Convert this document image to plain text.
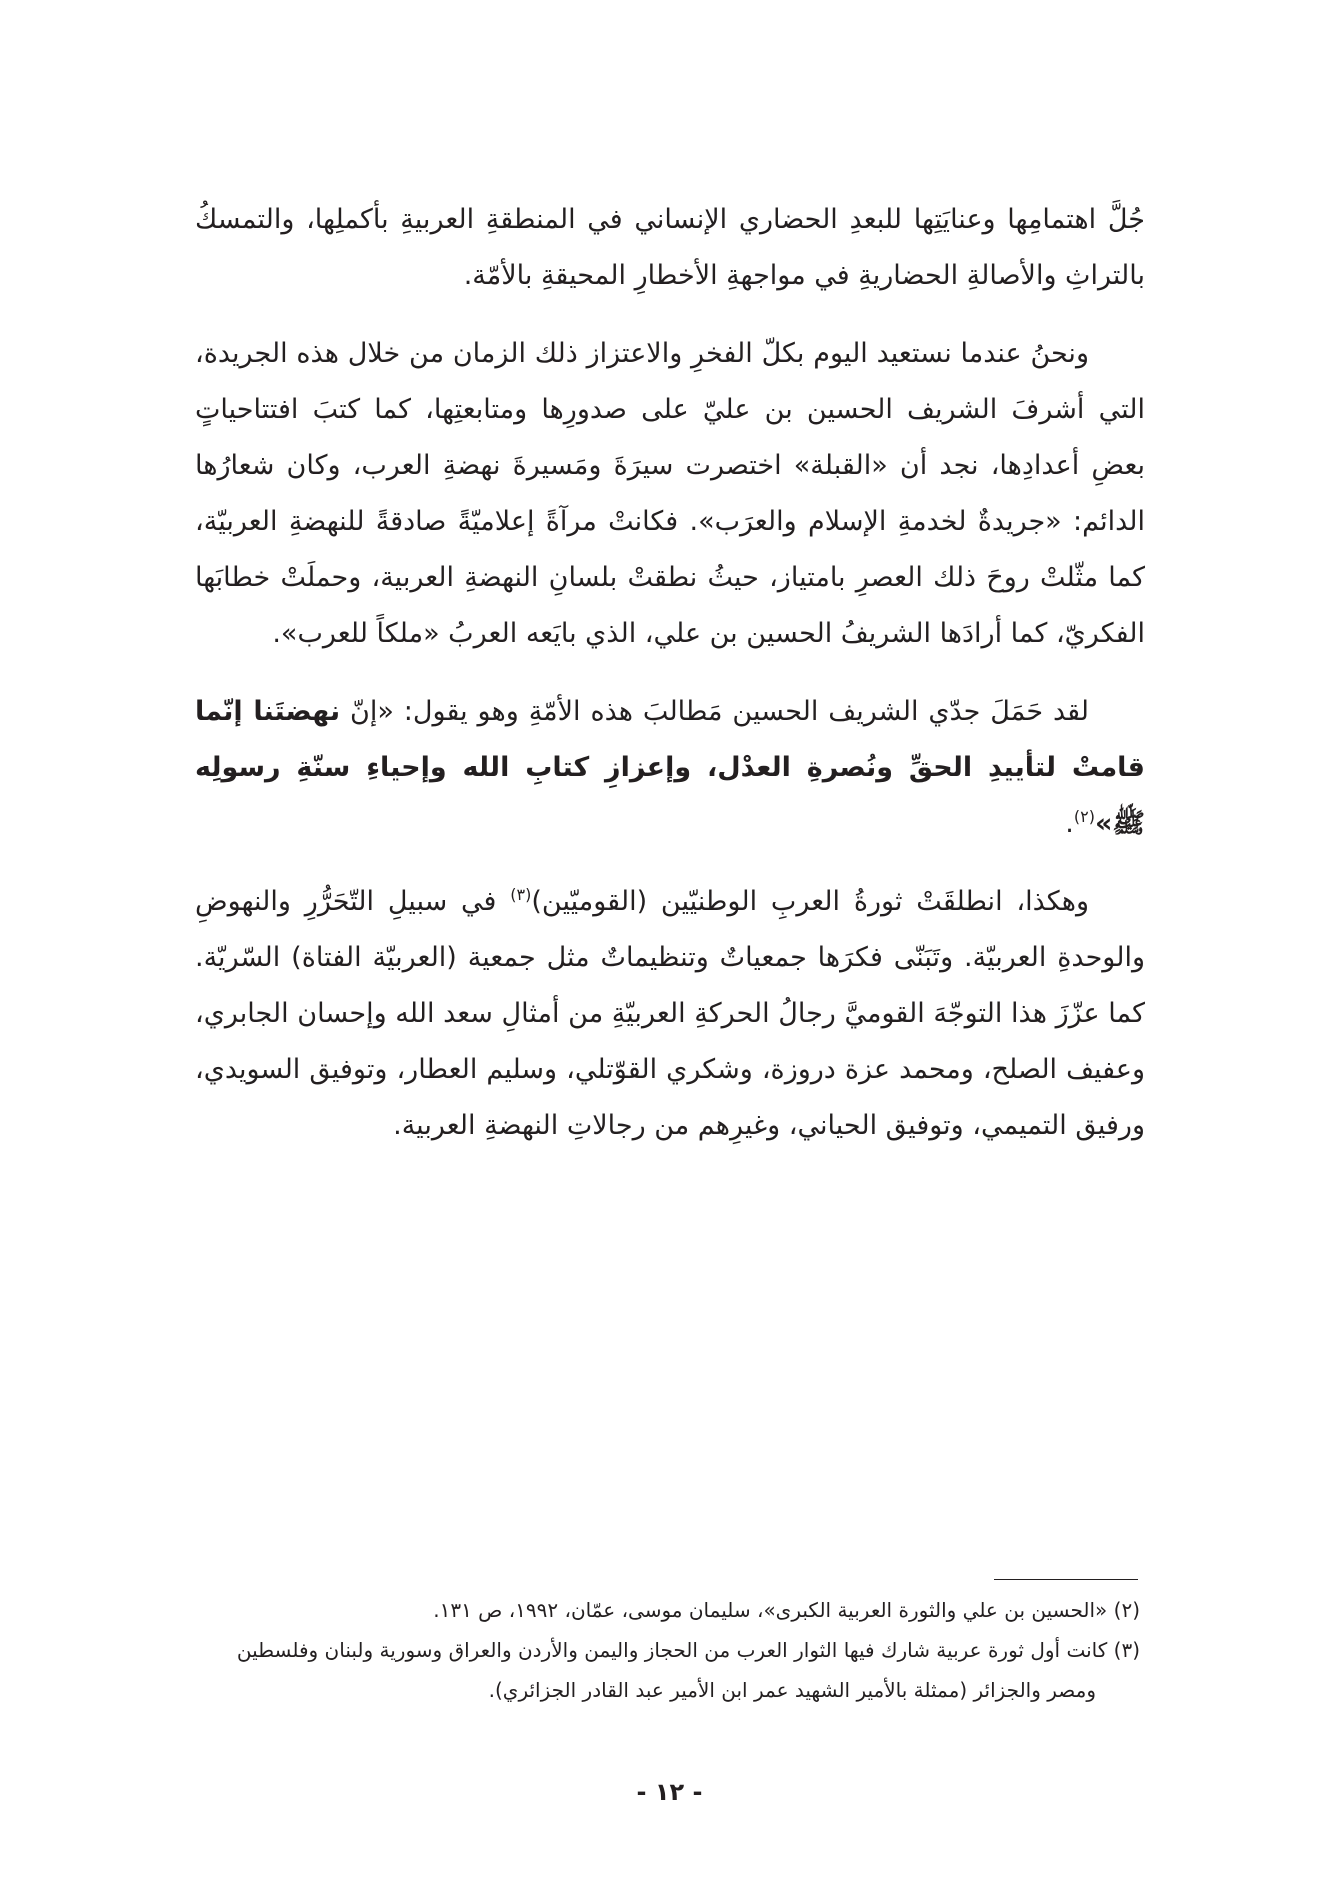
جُلَّ اهتمامِها وعنايَتِها للبعدِ الحضاري الإنساني في المنطقةِ العربيةِ بأكملِها، والتمسكُ بالتراثِ والأصالةِ الحضاريةِ في مواجهةِ الأخطارِ المحيقةِ بالأمّة.

ونحنُ عندما نستعيد اليوم بكلّ الفخرِ والاعتزاز ذلك الزمان من خلال هذه الجريدة، التي أشرفَ الشريف الحسين بن عليّ على صدورِها ومتابعتِها، كما كتبَ افتتاحياتٍ بعضِ أعدادِها، نجد أن «القبلة» اختصرت سيرَةَ ومَسيرةَ نهضةِ العرب، وكان شعارُها الدائم: «جريدةٌ لخدمةِ الإسلام والعرَب». فكانتْ مرآةً إعلاميّةً صادقةً للنهضةِ العربيّة، كما مثّلتْ روحَ ذلك العصرِ بامتياز، حيثُ نطقتْ بلسانِ النهضةِ العربية، وحملَتْ خطابَها الفكريّ، كما أرادَها الشريفُ الحسين بن علي، الذي بايَعه العربُ «ملكاً للعرب».

لقد حَمَلَ جدّي الشريف الحسين مَطالبَ هذه الأمّةِ وهو يقول: «إنّ نهضتَنا إنّما قامتْ لتأييدِ الحقِّ ونُصرةِ العدْل، وإعزازِ كتابِ الله وإحياءِ سنّةِ رسولِه ﷺ»$^{(٢)}$.

وهكذا، انطلقَتْ ثورةُ العربِ الوطنيّين (القوميّين)$^{(٣)}$ في سبيلِ التّحَرُّرِ والنهوضِ والوحدةِ العربيّة. وتَبَنّى فكرَها جمعياتٌ وتنظيماتٌ مثل جمعية (العربيّة الفتاة) السّريّة. كما عزّزَ هذا التوجّهَ القوميَّ رجالُ الحركةِ العربيّةِ من أمثالِ سعد الله وإحسان الجابري، وعفيف الصلح، ومحمد عزة دروزة، وشكري القوّتلي، وسليم العطار، وتوفيق السويدي، ورفيق التميمي، وتوفيق الحياني، وغيرِهم من رجالاتِ النهضةِ العربية.

(٢) «الحسين بن علي والثورة العربية الكبرى»، سليمان موسى، عمّان، ١٩٩٢، ص ١٣١.

(٣) كانت أول ثورة عربية شارك فيها الثوار العرب من الحجاز واليمن والأردن والعراق وسورية ولبنان وفلسطين ومصر والجزائر (ممثلة بالأمير الشهيد عمر ابن الأمير عبد القادر الجزائري).

- ١٢ -
